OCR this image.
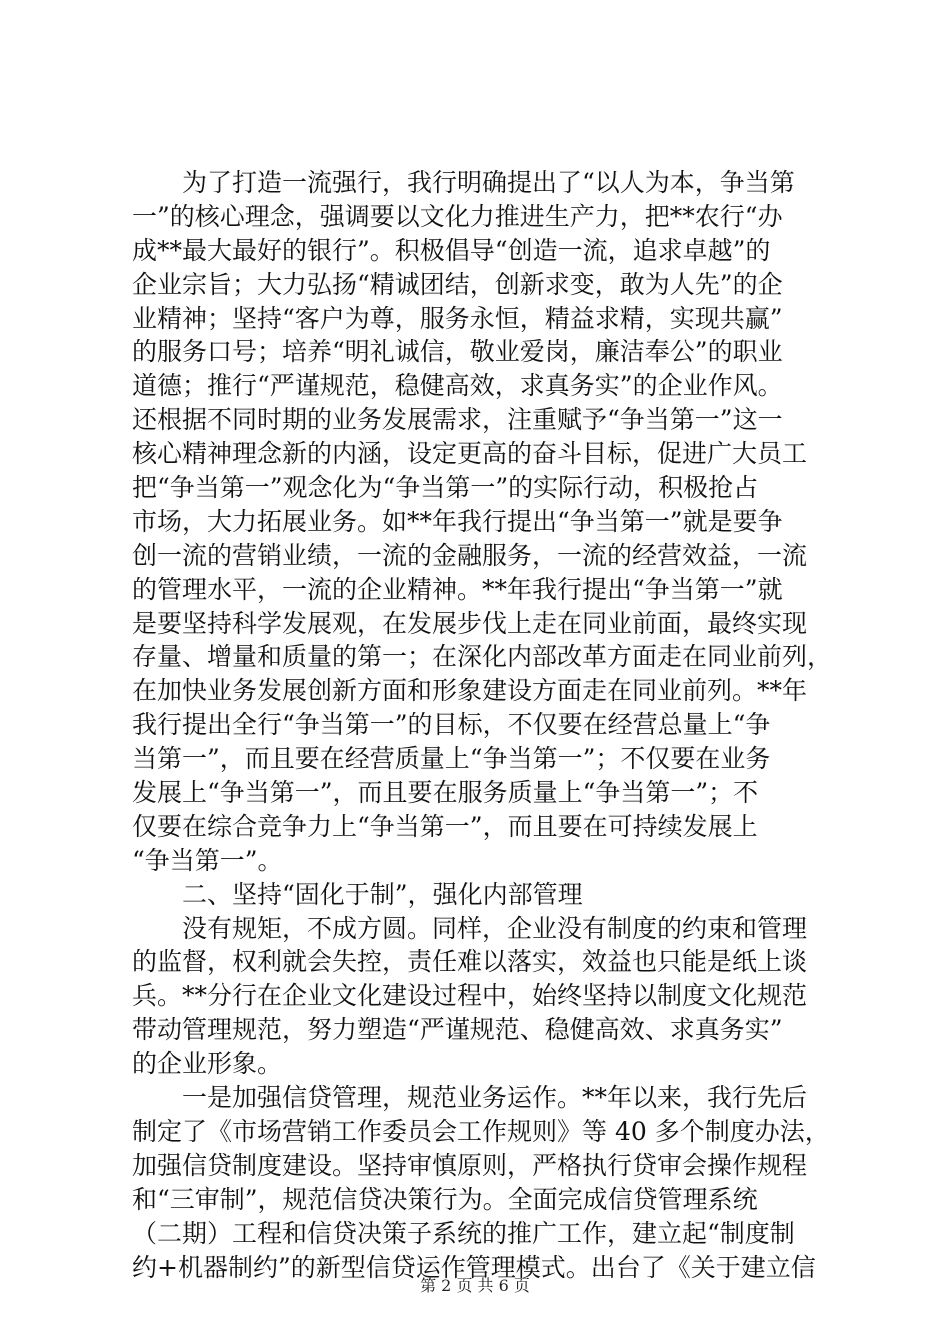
　　为了打造一流强行，我行明确提出了“以人为本，争当第
一”的核心理念，强调要以文化力推进生产力，把**农行“办
成**最大最好的银行”。积极倡导“创造一流，追求卓越”的
企业宗旨；大力弘扬“精诚团结，创新求变，敢为人先”的企
业精神；坚持“客户为尊，服务永恒，精益求精，实现共赢”
的服务口号；培养“明礼诚信，敬业爱岗，廉洁奉公”的职业
道德；推行“严谨规范，稳健高效，求真务实”的企业作风。
还根据不同时期的业务发展需求，注重赋予“争当第一”这一
核心精神理念新的内涵，设定更高的奋斗目标，促进广大员工
把“争当第一”观念化为“争当第一”的实际行动，积极抢占
市场，大力拓展业务。如**年我行提出“争当第一”就是要争
创一流的营销业绩，一流的金融服务，一流的经营效益，一流
的管理水平，一流的企业精神。**年我行提出“争当第一”就
是要坚持科学发展观，在发展步伐上走在同业前面，最终实现
存量、增量和质量的第一；在深化内部改革方面走在同业前列，
在加快业务发展创新方面和形象建设方面走在同业前列。**年
我行提出全行“争当第一”的目标，不仅要在经营总量上“争
当第一”，而且要在经营质量上“争当第一”；不仅要在业务
发展上“争当第一”，而且要在服务质量上“争当第一”；不
仅要在综合竞争力上“争当第一”，而且要在可持续发展上
“争当第一”。
　　二、坚持“固化于制”，强化内部管理
　　没有规矩，不成方圆。同样，企业没有制度的约束和管理
的监督，权利就会失控，责任难以落实，效益也只能是纸上谈
兵。**分行在企业文化建设过程中，始终坚持以制度文化规范
带动管理规范，努力塑造“严谨规范、稳健高效、求真务实”
的企业形象。
　　一是加强信贷管理，规范业务运作。**年以来，我行先后
制定了《市场营销工作委员会工作规则》等 40 多个制度办法，
加强信贷制度建设。坚持审慎原则，严格执行贷审会操作规程
和“三审制”，规范信贷决策行为。全面完成信贷管理系统
（二期）工程和信贷决策子系统的推广工作，建立起“制度制
约+机器制约”的新型信贷运作管理模式。出台了《关于建立信
第 2 页 共 6 页
